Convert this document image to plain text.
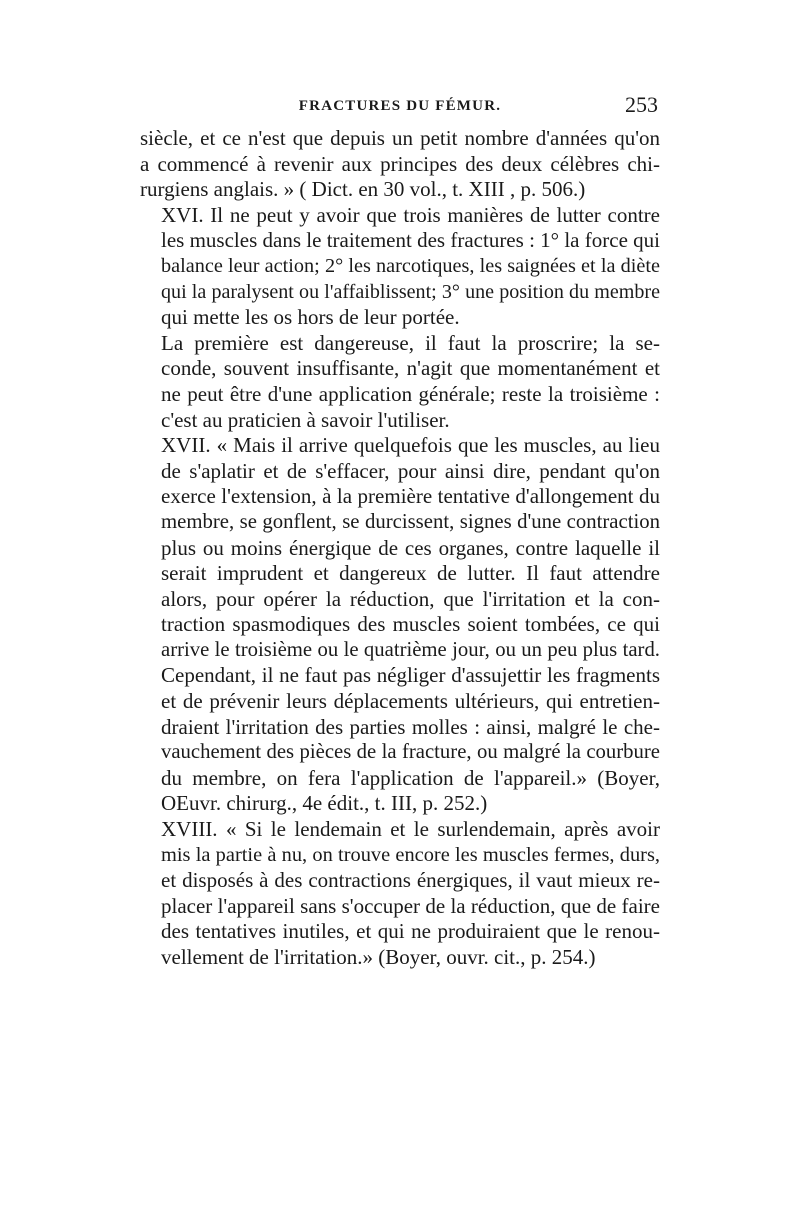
FRACTURES DU FÉMUR.	253

siècle, et ce n'est que depuis un petit nombre d'années qu'on
a commencé à revenir aux principes des deux célèbres chi-
rurgiens anglais. » ( Dict. en 30 vol., t. XIII , p. 506.)

XVI. Il ne peut y avoir que trois manières de lutter contre
les muscles dans le traitement des fractures : 1° la force qui
balance leur action; 2° les narcotiques, les saignées et la diète
qui la paralysent ou l'affaiblissent; 3° une position du membre
qui mette les os hors de leur portée.

La première est dangereuse, il faut la proscrire; la se-
conde, souvent insuffisante, n'agit que momentanément et
ne peut être d'une application générale; reste la troisième :
c'est au praticien à savoir l'utiliser.

XVII. « Mais il arrive quelquefois que les muscles, au lieu
de s'aplatir et de s'effacer, pour ainsi dire, pendant qu'on
exerce l'extension, à la première tentative d'allongement du
membre, se gonflent, se durcissent, signes d'une contraction
plus ou moins énergique de ces organes, contre laquelle il
serait imprudent et dangereux de lutter. Il faut attendre
alors, pour opérer la réduction, que l'irritation et la con-
traction spasmodiques des muscles soient tombées, ce qui
arrive le troisième ou le quatrième jour, ou un peu plus tard.
Cependant, il ne faut pas négliger d'assujettir les fragments
et de prévenir leurs déplacements ultérieurs, qui entretien-
draient l'irritation des parties molles : ainsi, malgré le che-
vauchement des pièces de la fracture, ou malgré la courbure
du membre, on fera l'application de l'appareil.» (Boyer,
OEuvr. chirurg., 4e édit., t. III, p. 252.)

XVIII. « Si le lendemain et le surlendemain, après avoir
mis la partie à nu, on trouve encore les muscles fermes, durs,
et disposés à des contractions énergiques, il vaut mieux re-
placer l'appareil sans s'occuper de la réduction, que de faire
des tentatives inutiles, et qui ne produiraient que le renou-
vellement de l'irritation.» (Boyer, ouvr. cit., p. 254.)
